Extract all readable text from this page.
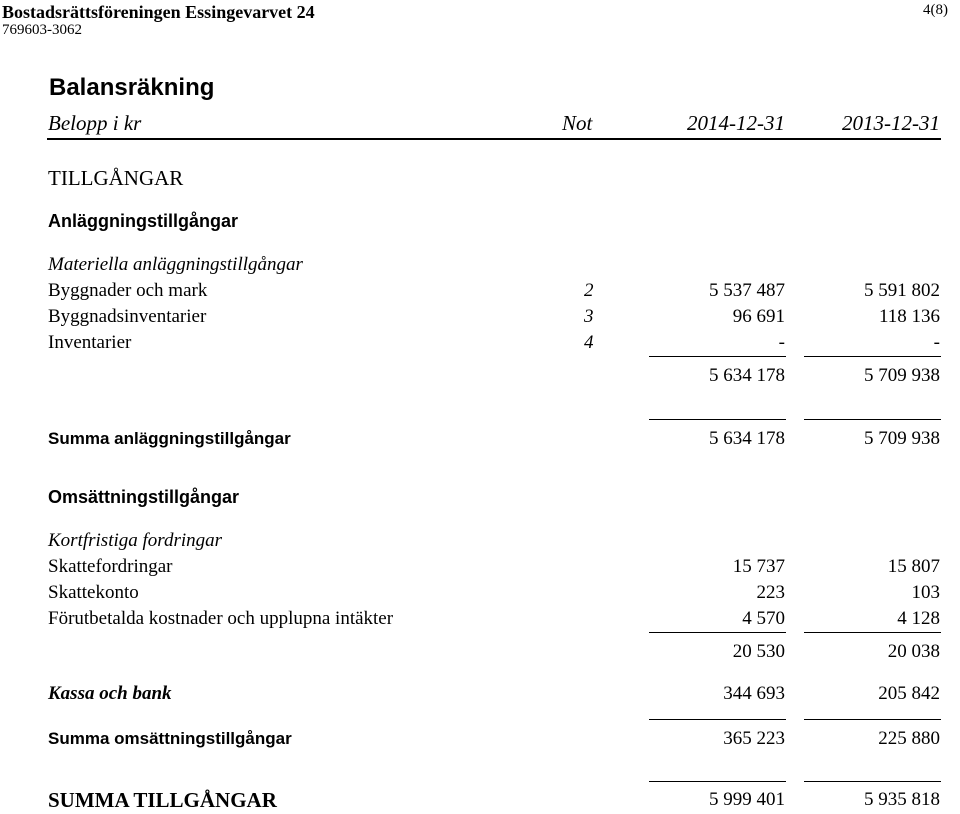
Bostadsrättsföreningen Essingevarvet 24
769603-3062
4(8)
Balansräkning
Belopp i kr	Not	2014-12-31	2013-12-31
TILLGÅNGAR
Anläggningstillgångar
Materiella anläggningstillgångar
Byggnader och mark	2	5 537 487	5 591 802
Byggnadsinventarier	3	96 691	118 136
Inventarier	4	-	-
5 634 178	5 709 938
Summa anläggningstillgångar	5 634 178	5 709 938
Omsättningstillgångar
Kortfristiga fordringar
Skattefordringar	15 737	15 807
Skattekonto	223	103
Förutbetalda kostnader och upplupna intäkter	4 570	4 128
20 530	20 038
Kassa och bank	344 693	205 842
Summa omsättningstillgångar	365 223	225 880
SUMMA TILLGÅNGAR	5 999 401	5 935 818
